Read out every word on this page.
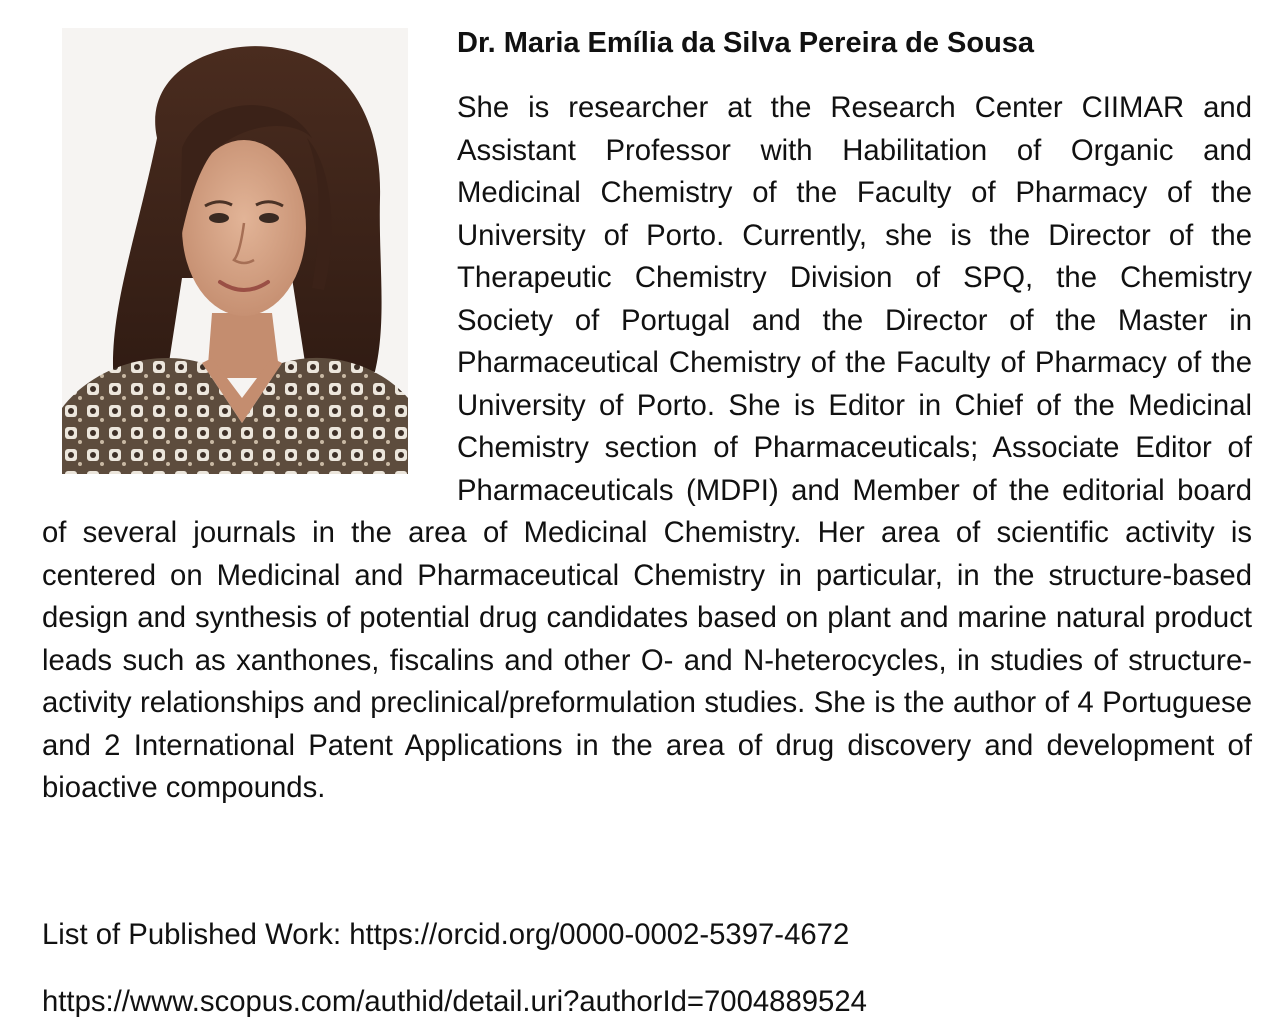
Dr. Maria Emília da Silva Pereira de Sousa

She is researcher at the Research Center CIIMAR and Assistant Professor with Habilitation of Organic and Medicinal Chemistry of the Faculty of Pharmacy of the University of Porto. Currently, she is the Director of the Therapeutic Chemistry Division of SPQ, the Chemistry Society of Portugal and the Director of the Master in Pharmaceutical Chemistry of the Faculty of Pharmacy of the University of Porto. She is Editor in Chief of the Medicinal Chemistry section of Pharmaceuticals; Associate Editor of Pharmaceuticals (MDPI) and Member of the editorial board of several journals in the area of Medicinal Chemistry. Her area of scientific activity is centered on Medicinal and Pharmaceutical Chemistry in particular, in the structure-based design and synthesis of potential drug candidates based on plant and marine natural product leads such as xanthones, fiscalins and other O- and N-heterocycles, in studies of structure-activity relationships and preclinical/preformulation studies. She is the author of 4 Portuguese and 2 International Patent Applications in the area of drug discovery and development of bioactive compounds.

List of Published Work: https://orcid.org/0000-0002-5397-4672
https://www.scopus.com/authid/detail.uri?authorId=7004889524
